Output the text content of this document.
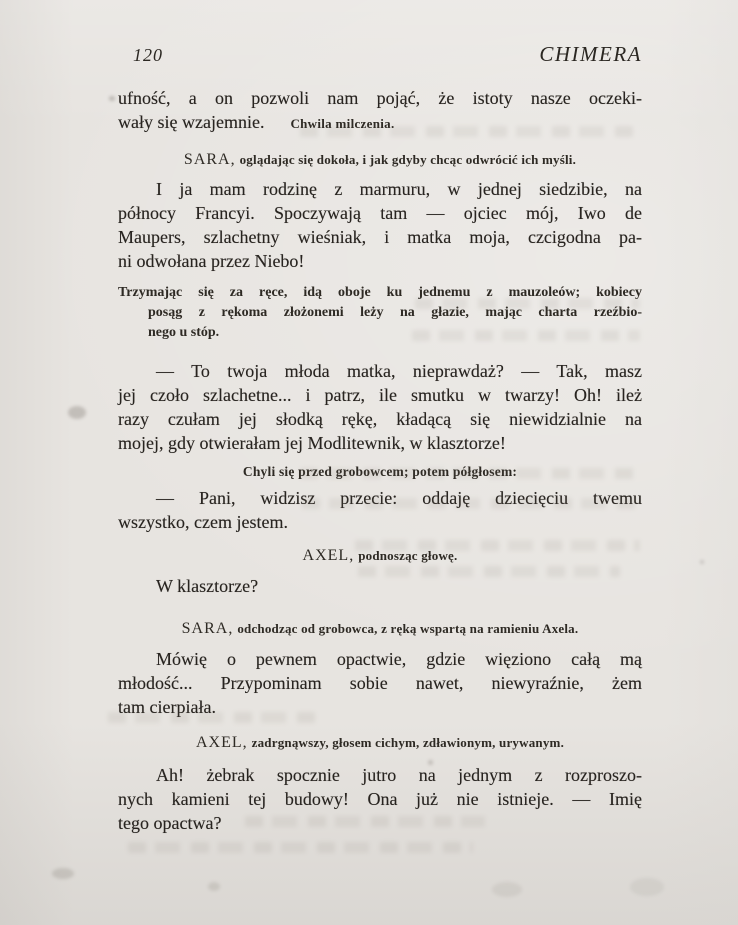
120	CHIMERA
ufność, a on pozwoli nam pojąć, że istoty nasze oczeki-
wały się wzajemnie. Chwila milczenia.
SARA, oglądając się dokoła, i jak gdyby chcąc odwrócić ich myśli.
I ja mam rodzinę z marmuru, w jednej siedzibie, na
północy Francyi. Spoczywają tam — ojciec mój, Iwo de
Maupers, szlachetny wieśniak, i matka moja, czcigodna pa-
ni odwołana przez Niebo!
Trzymając się za ręce, idą oboje ku jednemu z mauzoleów; kobiecy
posąg z rękoma złożonemi leży na głazie, mając charta rzeźbio-
nego u stóp.
— To twoja młoda matka, nieprawdaż? — Tak, masz
jej czoło szlachetne... i patrz, ile smutku w twarzy! Oh! ileż
razy czułam jej słodką rękę, kładącą się niewidzialnie na
mojej, gdy otwierałam jej Modlitewnik, w klasztorze!
Chyli się przed grobowcem; potem półgłosem:
— Pani, widzisz przecie: oddaję dziecięciu twemu
wszystko, czem jestem.
AXEL, podnosząc głowę.
W klasztorze?
SARA, odchodząc od grobowca, z ręką wspartą na ramieniu Axela.
Mówię o pewnem opactwie, gdzie więziono całą mą
młodość... Przypominam sobie nawet, niewyraźnie, żem
tam cierpiała.
AXEL, zadrgnąwszy, głosem cichym, zdławionym, urywanym.
Ah! żebrak spocznie jutro na jednym z rozproszo-
nych kamieni tej budowy! Ona już nie istnieje. — Imię
tego opactwa?
